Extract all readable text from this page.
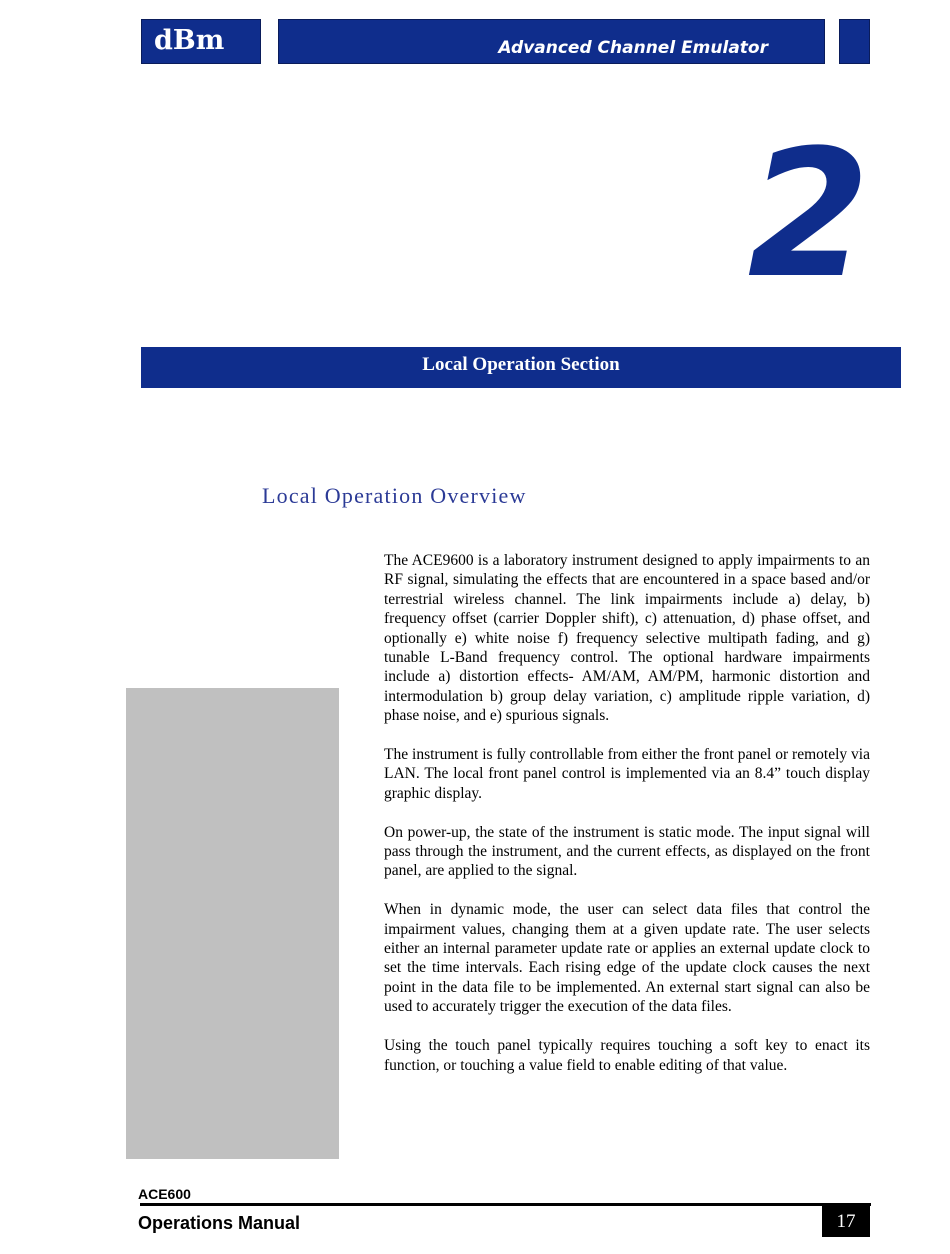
dBm	Advanced Channel Emulator
2
Local Operation Section
Local Operation Overview

The ACE9600 is a laboratory instrument designed to apply impairments to an RF signal, simulating the effects that are encountered in a space based and/or terrestrial wireless channel. The link impairments include a) delay, b) frequency offset (carrier Doppler shift), c) attenuation, d) phase offset, and optionally e) white noise f) frequency selective multipath fading, and g) tunable L-Band frequency control. The optional hardware impairments include a) distortion effects- AM/AM, AM/PM, harmonic distortion and intermodulation b) group delay variation, c) amplitude ripple variation, d) phase noise, and e) spurious signals.

The instrument is fully controllable from either the front panel or remotely via LAN. The local front panel control is implemented via an 8.4” touch display graphic display.

On power-up, the state of the instrument is static mode. The input signal will pass through the instrument, and the current effects, as displayed on the front panel, are applied to the signal.

When in dynamic mode, the user can select data files that control the impairment values, changing them at a given update rate. The user selects either an internal parameter update rate or applies an external update clock to set the time intervals. Each rising edge of the update clock causes the next point in the data file to be implemented. An external start signal can also be used to accurately trigger the execution of the data files.

Using the touch panel typically requires touching a soft key to enact its function, or touching a value field to enable editing of that value.

ACE600
Operations Manual	17
